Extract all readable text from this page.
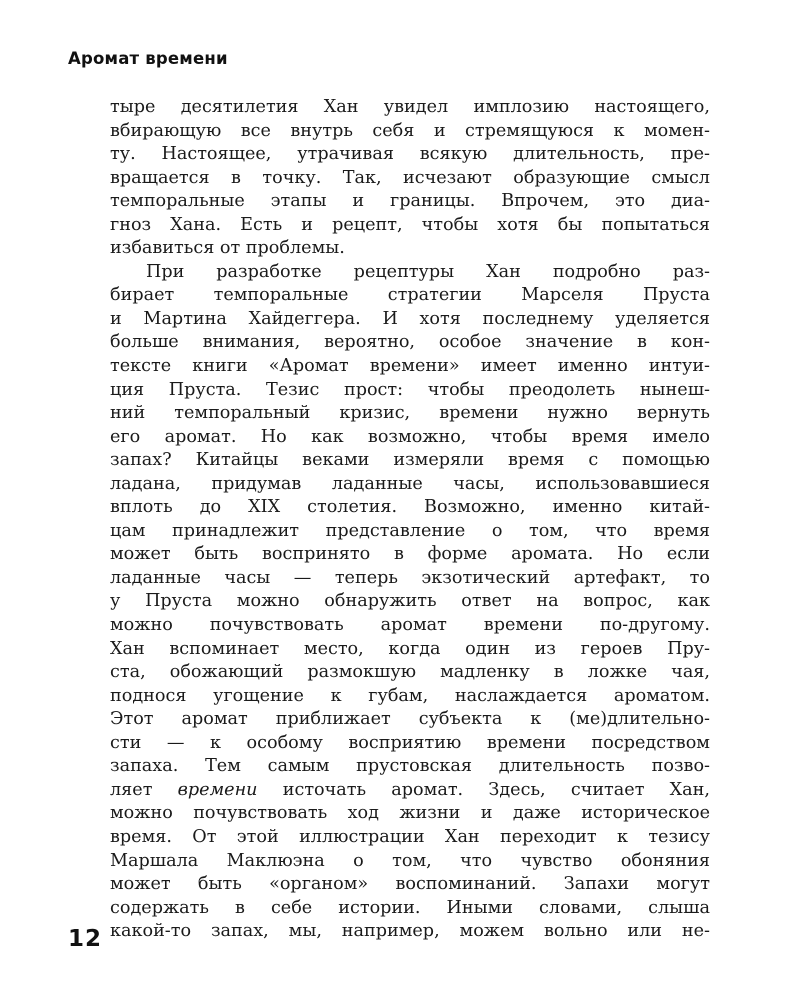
Аромат времени
тыре десятилетия Хан увидел имплозию настоящего,
вбирающую все внутрь себя и стремящуюся к момен-
ту. Настоящее, утрачивая всякую длительность, пре-
вращается в точку. Так, исчезают образующие смысл
темпоральные этапы и границы. Впрочем, это диа-
гноз Хана. Есть и рецепт, чтобы хотя бы попытаться
избавиться от проблемы.
При разработке рецептуры Хан подробно раз-
бирает темпоральные стратегии Марселя Пруста
и Мартина Хайдеггера. И хотя последнему уделяется
больше внимания, вероятно, особое значение в кон-
тексте книги «Аромат времени» имеет именно интуи-
ция Пруста. Тезис прост: чтобы преодолеть нынеш-
ний темпоральный кризис, времени нужно вернуть
его аромат. Но как возможно, чтобы время имело
запах? Китайцы веками измеряли время с помощью
ладана, придумав ладанные часы, использовавшиеся
вплоть до XIX столетия. Возможно, именно китай-
цам принадлежит представление о том, что время
может быть воспринято в форме аромата. Но если
ладанные часы — теперь экзотический артефакт, то
у Пруста можно обнаружить ответ на вопрос, как
можно почувствовать аромат времени по-другому.
Хан вспоминает место, когда один из героев Пру-
ста, обожающий размокшую мадленку в ложке чая,
поднося угощение к губам, наслаждается ароматом.
Этот аромат приближает субъекта к (ме)длительно-
сти — к особому восприятию времени посредством
запаха. Тем самым прустовская длительность позво-
ляет времени источать аромат. Здесь, считает Хан,
можно почувствовать ход жизни и даже историческое
время. От этой иллюстрации Хан переходит к тезису
Маршала Маклюэна о том, что чувство обоняния
может быть «органом» воспоминаний. Запахи могут
содержать в себе истории. Иными словами, слыша
какой-то запах, мы, например, можем вольно или не-
12
